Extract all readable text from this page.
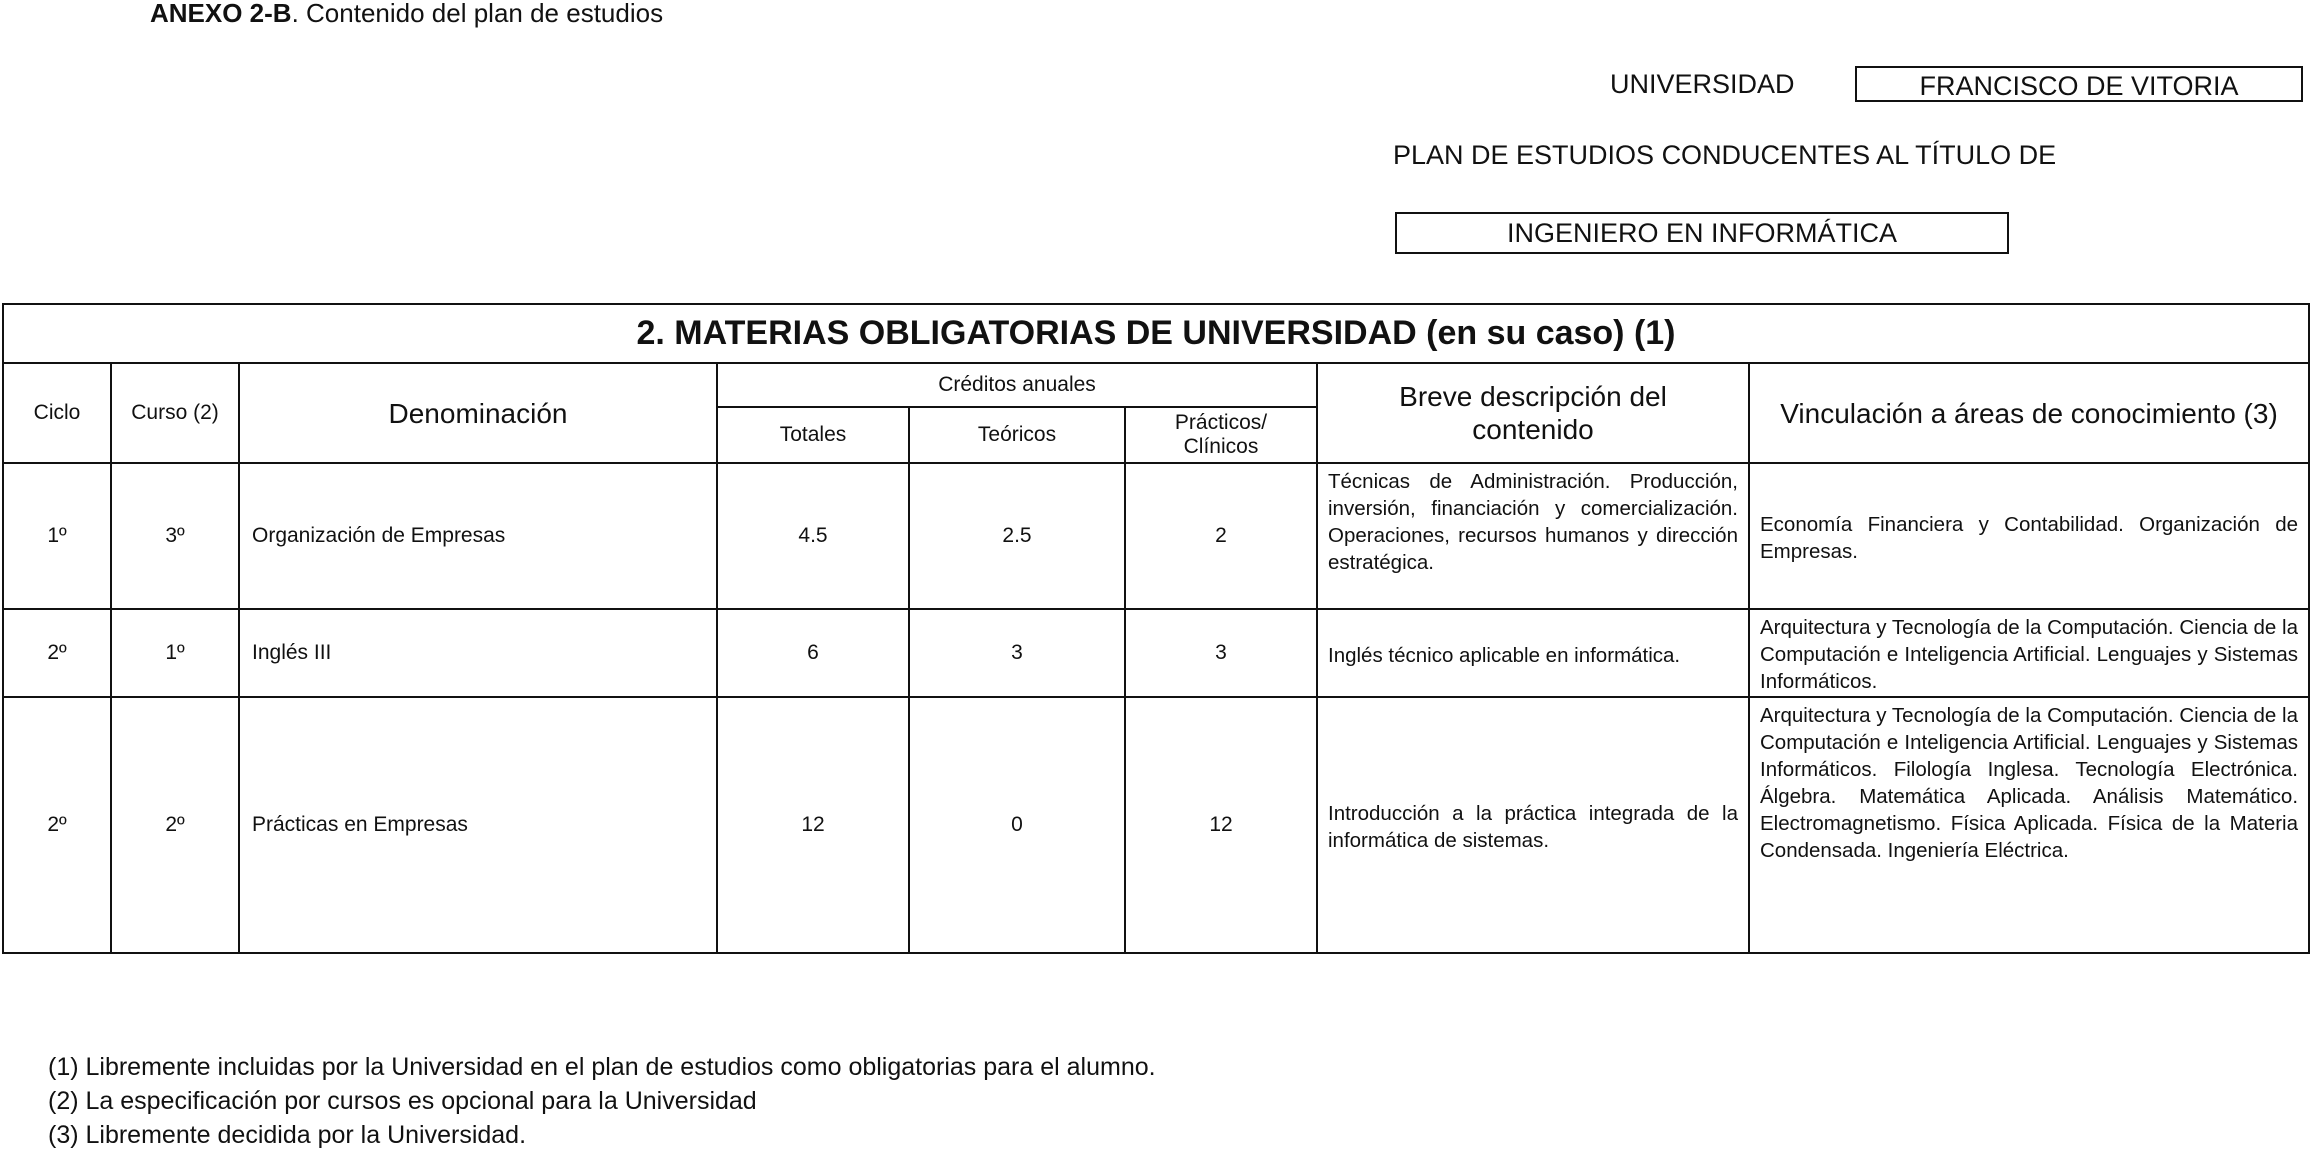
ANEXO 2-B. Contenido del plan de estudios
UNIVERSIDAD	FRANCISCO DE VITORIA
PLAN DE ESTUDIOS CONDUCENTES AL TÍTULO DE
INGENIERO EN INFORMÁTICA
2. MATERIAS OBLIGATORIAS DE UNIVERSIDAD (en su caso) (1)							
Ciclo	Curso (2)	Denominación	Créditos anuales			Breve descripción del contenido	Vinculación a áreas de conocimiento (3)
			Totales	Teóricos	Prácticos/ Clínicos		
1º	3º	Organización de Empresas	4.5	2.5	2	Técnicas de Administración. Producción, inversión, financiación y comercialización. Operaciones, recursos humanos y dirección estratégica.	Economía Financiera y Contabilidad. Organización de Empresas.
2º	1º	Inglés III	6	3	3	Inglés técnico aplicable en informática.	Arquitectura y Tecnología de la Computación. Ciencia de la Computación e Inteligencia Artificial. Lenguajes y Sistemas Informáticos.
2º	2º	Prácticas en Empresas	12	0	12	Introducción a la práctica integrada de la informática de sistemas.	Arquitectura y Tecnología de la Computación. Ciencia de la Computación e Inteligencia Artificial. Lenguajes y Sistemas Informáticos. Filología Inglesa. Tecnología Electrónica. Álgebra. Matemática Aplicada. Análisis Matemático. Electromagnetismo. Física Aplicada. Física de la Materia Condensada. Ingeniería Eléctrica.
(1) Libremente incluidas por la Universidad en el plan de estudios como obligatorias para el alumno.
(2) La especificación por cursos es opcional para la Universidad
(3) Libremente decidida por la Universidad.
